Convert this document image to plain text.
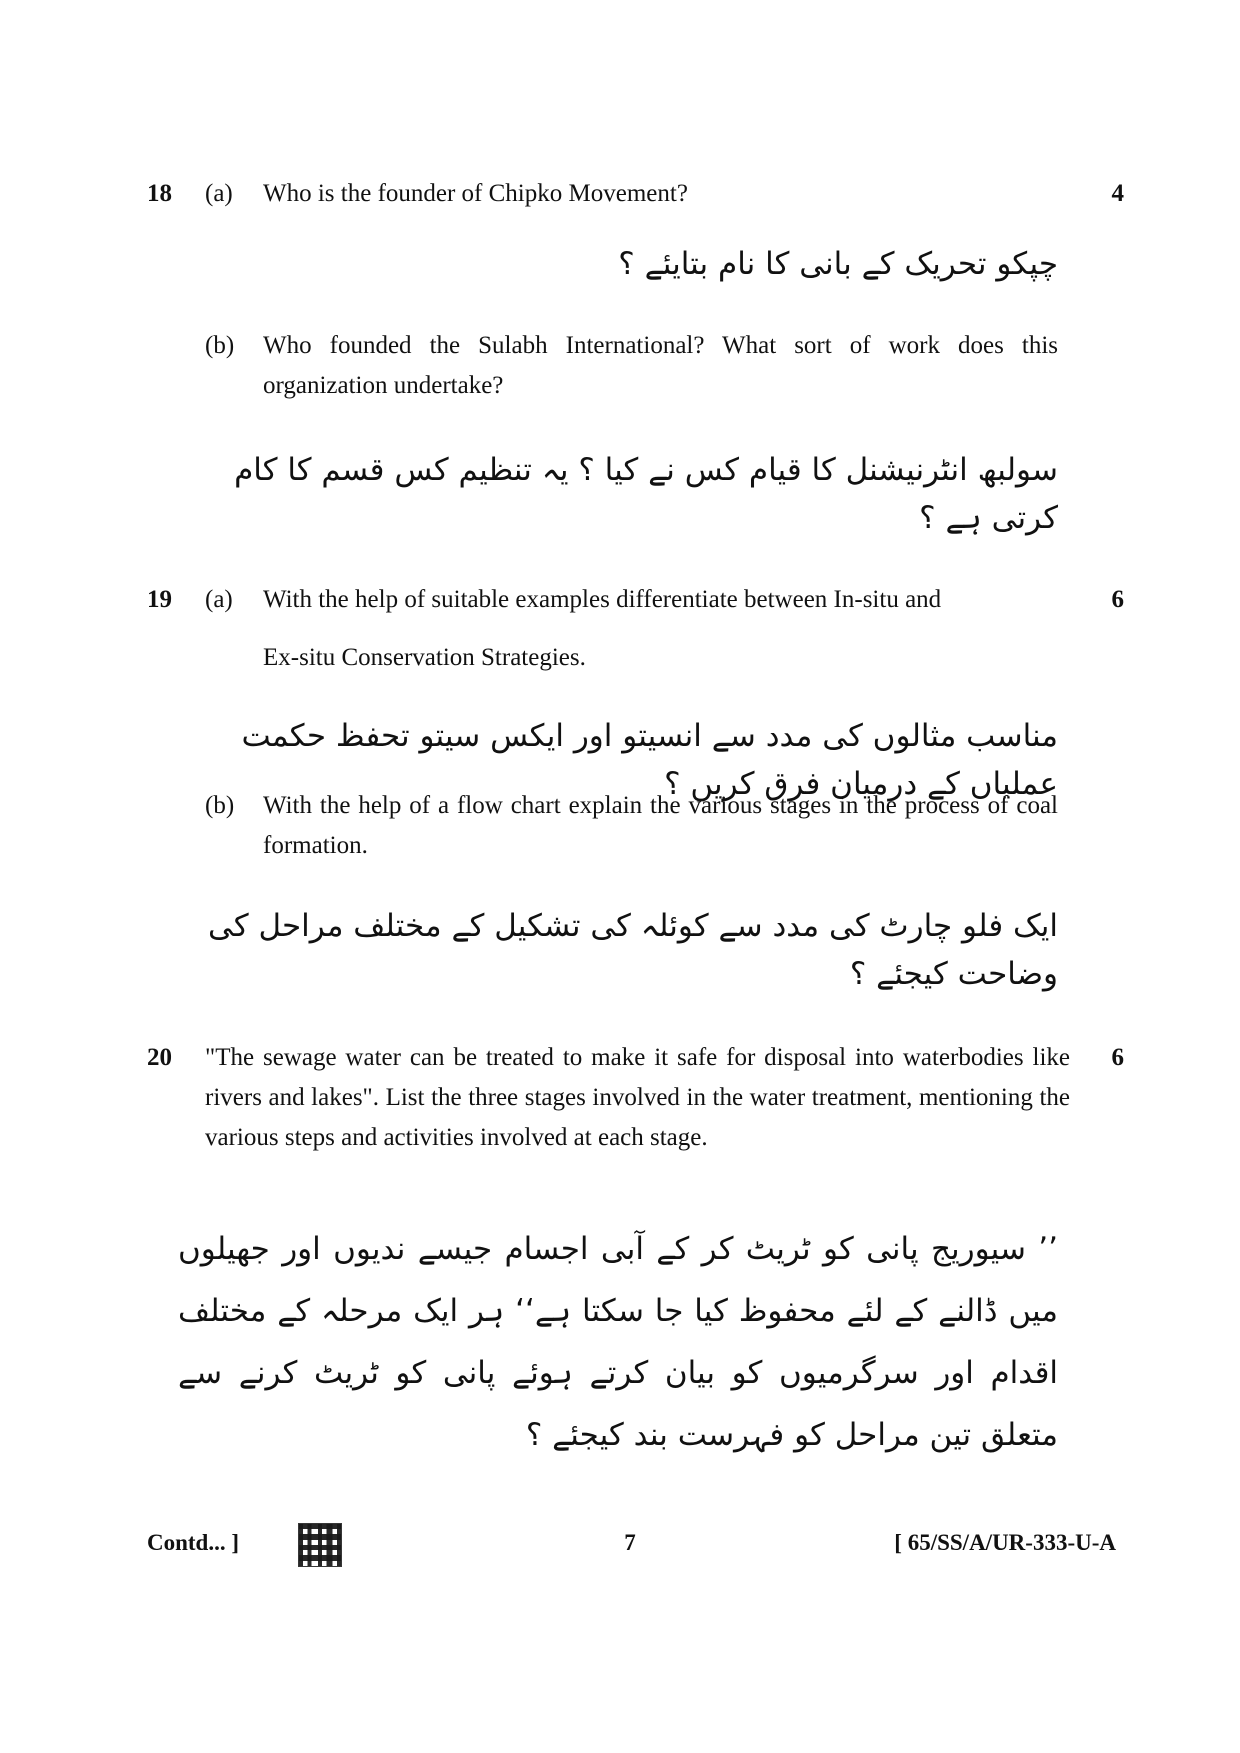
18 (a) Who is the founder of Chipko Movement?	4
چپکو تحریک کے بانی کا نام بتایئے ؟
(b) Who founded the Sulabh International? What sort of work does this organization undertake?
سولبھ انٹرنیشنل کا قیام کس نے کیا ؟ یہ تنظیم کس قسم کا کام کرتی ہے ؟
19 (a) With the help of suitable examples differentiate between In-situ and
Ex-situ Conservation Strategies.
6
مناسب مثالوں کی مدد سے انسیتو اور ایکس سیتو تحفظ حکمت عملیاں کے درمیان فرق کریں ؟
(b) With the help of a flow chart explain the various stages in the process of coal formation.
ایک فلو چارٹ کی مدد سے کوئلہ کی تشکیل کے مختلف مراحل کی وضاحت کیجئے ؟
20 "The sewage water can be treated to make it safe for disposal into waterbodies like rivers and lakes". List the three stages involved in the water treatment, mentioning the various steps and activities involved at each stage.
6
’’ سیوریج پانی کو ٹریٹ کر کے آبی اجسام جیسے ندیوں اور جھیلوں میں ڈالنے کے لئے محفوظ کیا جا سکتا ہے‘‘ ہر ایک مرحلہ کے مختلف اقدام اور سرگرمیوں کو بیان کرتے ہوئے پانی کو ٹریٹ کرنے سے متعلق تین مراحل کو فہرست بند کیجئے ؟
Contd... ]	7	[ 65/SS/A/UR-333-U-A
